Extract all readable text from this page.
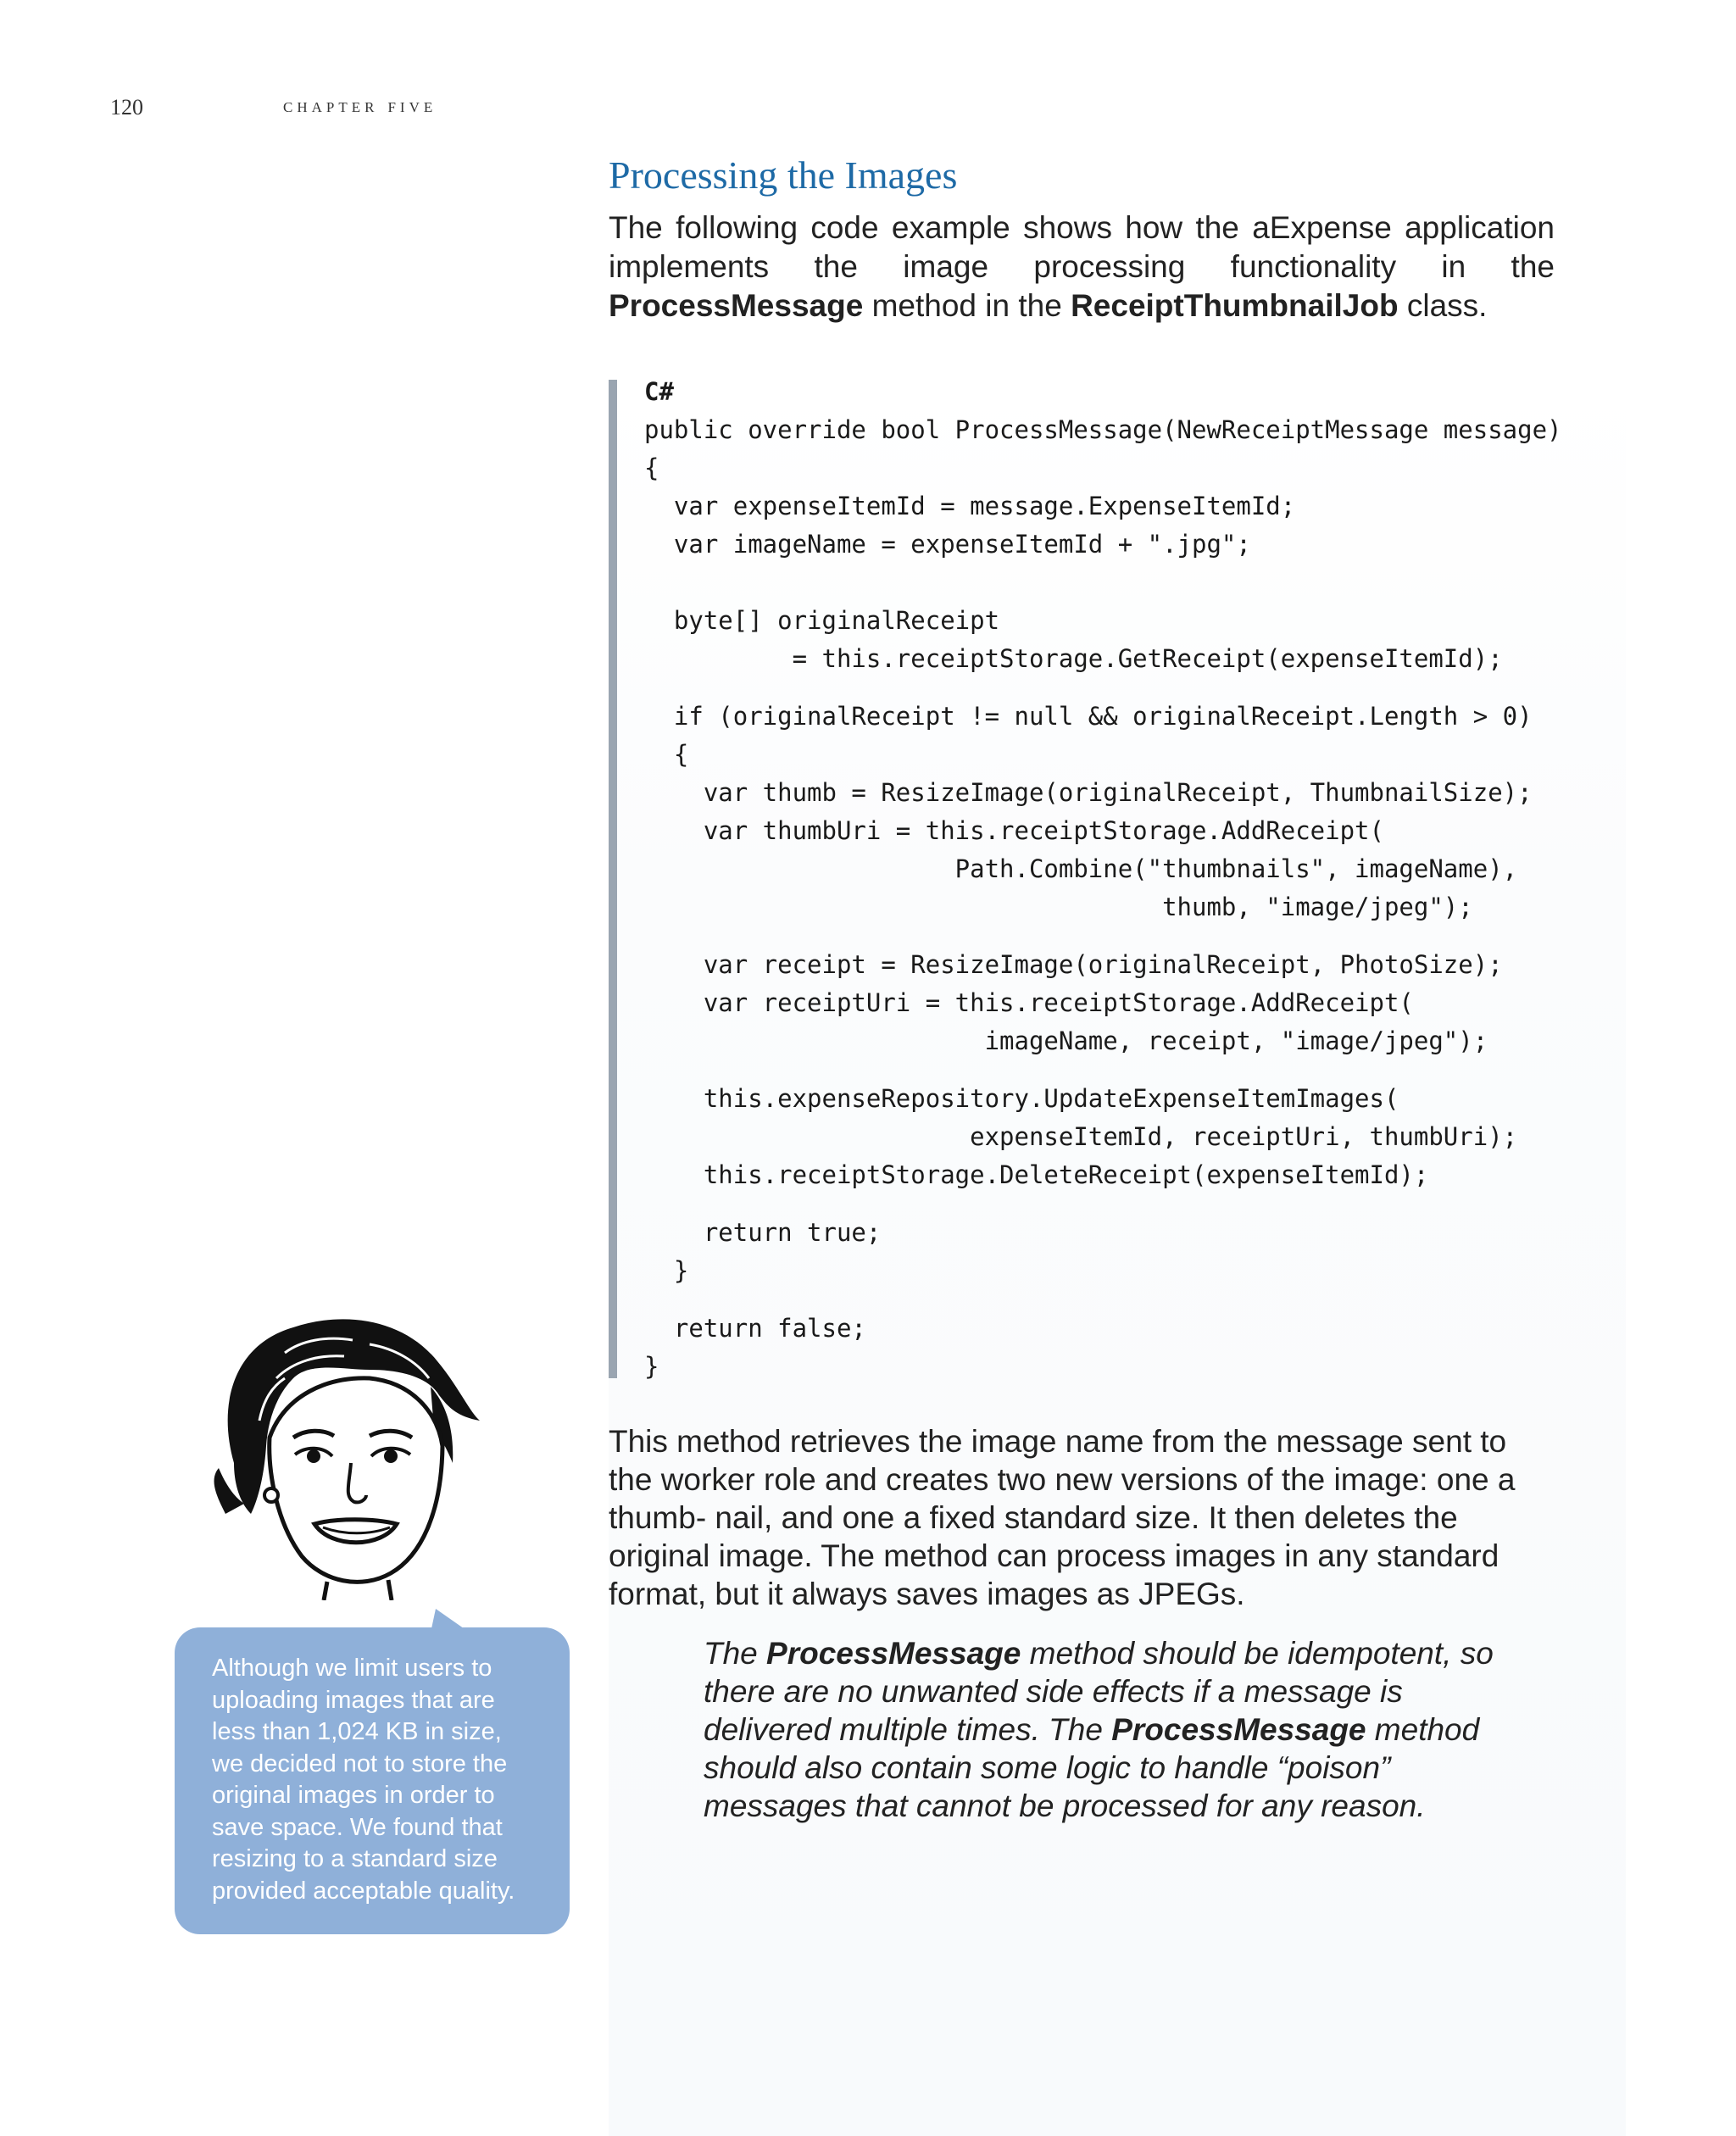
120	chapter five
Processing the Images

The following code example shows how the aExpense application implements the image processing functionality in the ProcessMessage method in the ReceiptThumbnailJob class.

C#
public override bool ProcessMessage(NewReceiptMessage message)
{
var expenseItemId = message.ExpenseItemId;
var imageName = expenseItemId + ".jpg";
byte[] originalReceipt
= this.receiptStorage.GetReceipt(expenseItemId);
if (originalReceipt != null && originalReceipt.Length > 0)
{
var thumb = ResizeImage(originalReceipt, ThumbnailSize);
var thumbUri = this.receiptStorage.AddReceipt(
Path.Combine("thumbnails", imageName),
thumb, "image/jpeg");
var receipt = ResizeImage(originalReceipt, PhotoSize);
var receiptUri = this.receiptStorage.AddReceipt(
imageName, receipt, "image/jpeg");
this.expenseRepository.UpdateExpenseItemImages(
expenseItemId, receiptUri, thumbUri);
this.receiptStorage.DeleteReceipt(expenseItemId);
return true;
}
return false;
}

This method retrieves the image name from the message sent to the worker role and creates two new versions of the image: one a thumb- nail, and one a fixed standard size. It then deletes the original image. The method can process images in any standard format, but it always saves images as JPEGs.

The ProcessMessage method should be idempotent, so there are no unwanted side effects if a message is delivered multiple times. The ProcessMessage method should also contain some logic to handle “poison” messages that cannot be processed for any reason.

Although we limit users to uploading images that are less than 1,024 KB in size, we decided not to store the original images in order to save space. We found that resizing to a standard size provided acceptable quality.
